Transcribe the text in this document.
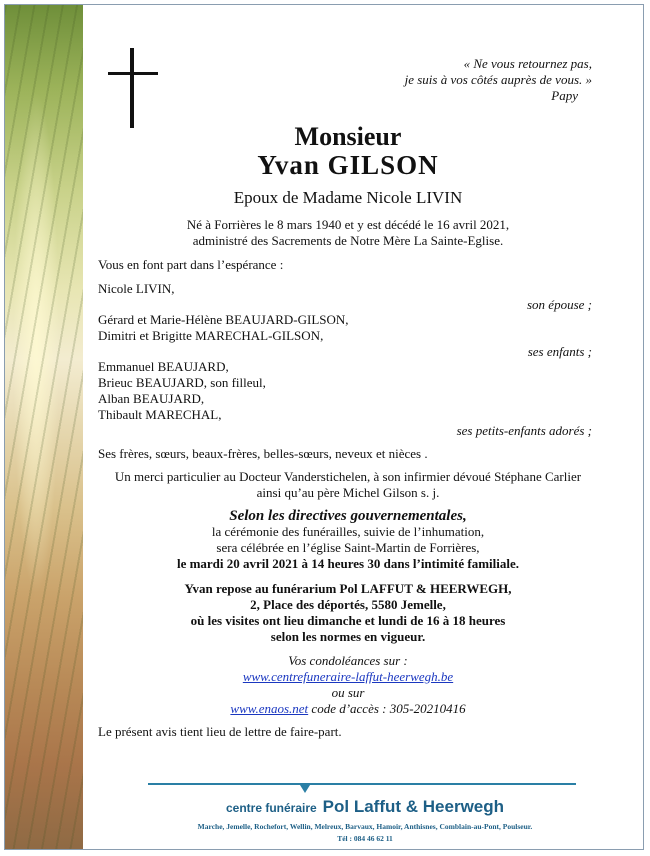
« Ne vous retournez pas,
je suis à vos côtés auprès de vous. »
Papy
Monsieur
Yvan GILSON
Epoux de Madame Nicole LIVIN
Né à Forrières le 8 mars 1940 et y est décédé le 16 avril 2021,
administré des Sacrements de Notre Mère La Sainte-Eglise.
Vous en font part dans l’espérance :
Nicole LIVIN,
son épouse ;
Gérard et Marie-Hélène BEAUJARD-GILSON,
Dimitri et Brigitte MARECHAL-GILSON,
ses enfants ;
Emmanuel BEAUJARD,
Brieuc BEAUJARD, son filleul,
Alban BEAUJARD,
Thibault MARECHAL,
ses petits-enfants adorés ;
Ses frères, sœurs, beaux-frères, belles-sœurs, neveux et nièces .
Un merci particulier au Docteur Vanderstichelen, à son infirmier dévoué Stéphane Carlier
ainsi qu’au père Michel Gilson s. j.
Selon les directives gouvernementales,
la cérémonie des funérailles, suivie de l’inhumation,
sera célébrée en l’église Saint-Martin de Forrières,
le mardi 20 avril 2021 à 14 heures 30 dans l’intimité familiale.
Yvan repose au funérarium Pol LAFFUT & HEERWEGH,
2, Place des déportés, 5580 Jemelle,
où les visites ont lieu dimanche et lundi de 16 à 18 heures
selon les normes en vigueur.
Vos condoléances sur :
www.centrefuneraire-laffut-heerwegh.be
ou sur
www.enaos.net code d’accès : 305-20210416
Le présent avis tient lieu de lettre de faire-part.
centre funéraire Pol Laffut & Heerwegh
Marche, Jemelle, Rochefort, Wellin, Melreux, Barvaux, Hamoir, Anthisnes, Comblain-au-Pont, Poulseur.
Tél : 084 46 62 11
